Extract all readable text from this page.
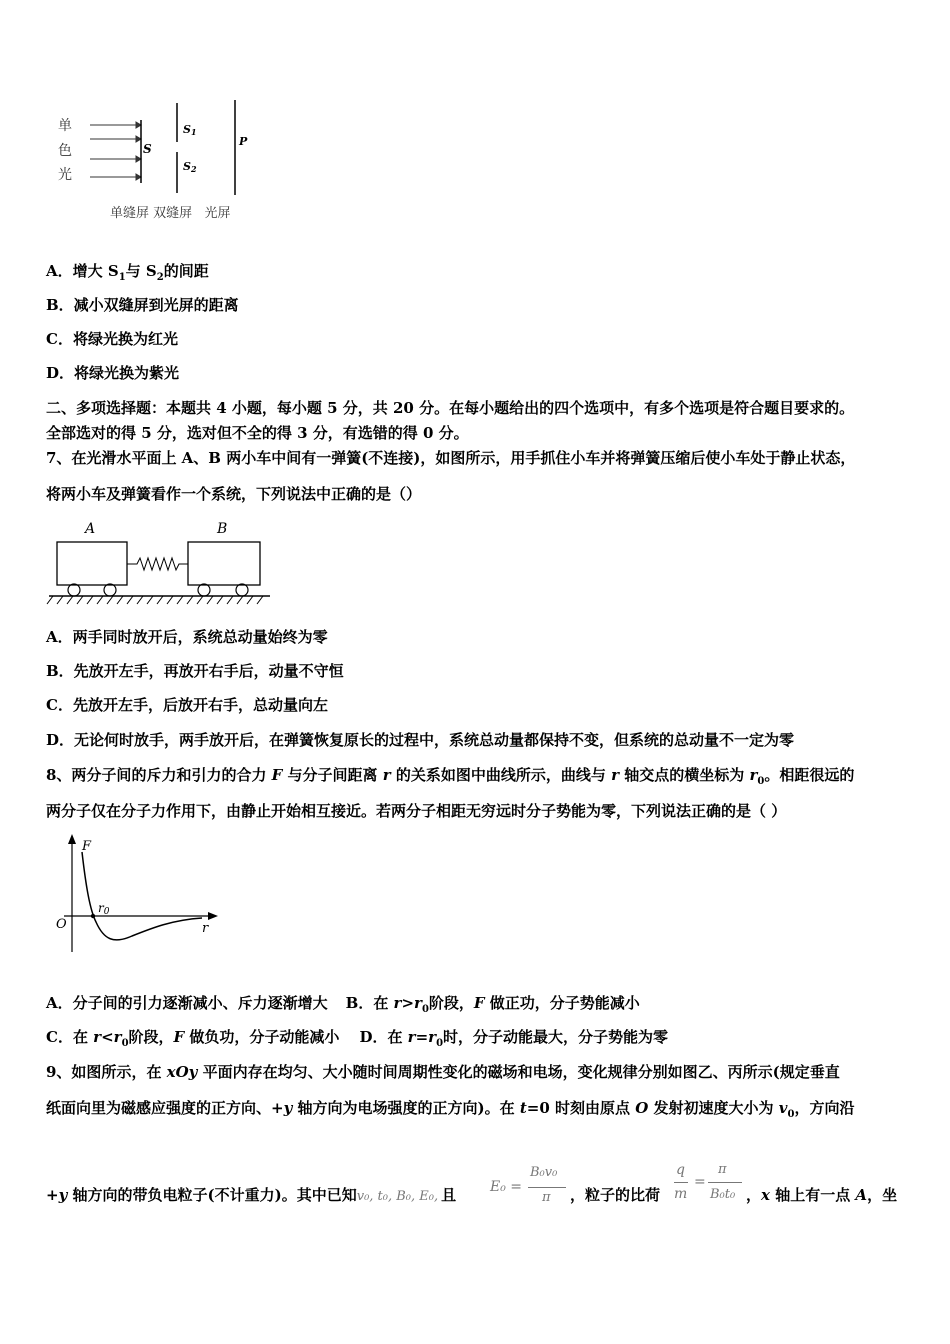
单
色
光
S
S1
S2
P
单缝屏 双缝屏   光屏
A．增大 $S_1$与 $S_2$的间距
B．减小双缝屏到光屏的距离
C．将绿光换为红光
D．将绿光换为紫光
二、多项选择题：本题共 4 小题，每小题 5 分，共 20 分。在每小题给出的四个选项中，有多个选项是符合题目要求的。
全部选对的得 5 分，选对但不全的得 3 分，有选错的得 0 分。
7、在光滑水平面上 A、B 两小车中间有一弹簧(不连接)，如图所示，用手抓住小车并将弹簧压缩后使小车处于静止状态，
将两小车及弹簧看作一个系统，下列说法中正确的是（）
A	B
A．两手同时放开后，系统总动量始终为零
B．先放开左手，再放开右手后，动量不守恒
C．先放开左手，后放开右手，总动量向左
D．无论何时放手，两手放开后，在弹簧恢复原长的过程中，系统总动量都保持不变，但系统的总动量不一定为零
8、两分子间的斥力和引力的合力 F 与分子间距离 r 的关系如图中曲线所示，曲线与 r 轴交点的横坐标为 $r_0$。相距很远的
两分子仅在分子力作用下，由静止开始相互接近。若两分子相距无穷远时分子势能为零，下列说法正确的是（ ）
F
O
r0
r
A．分子间的引力逐渐减小、斥力逐渐增大 B．在 $r>r_0$阶段，F 做正功，分子势能减小
C．在 $r<r_0$阶段，F 做负功，分子动能减小 D．在 $r=r_0$时，分子动能最大，分子势能为零
9、如图所示，在 xOy 平面内存在均匀、大小随时间周期性变化的磁场和电场，变化规律分别如图乙、丙所示(规定垂直
纸面向里为磁感应强度的正方向、+y 轴方向为电场强度的正方向)。在 t=0 时刻由原点 O 发射初速度大小为 $v_0$，方向沿
+y 轴方向的带负电粒子(不计重力)。其中已知v₀, t₀, B₀, E₀, 且 E₀ =
B₀v₀
π ，粒子的比荷
q
m
=
π
B₀t₀ ，x 轴上有一点 A，坐
